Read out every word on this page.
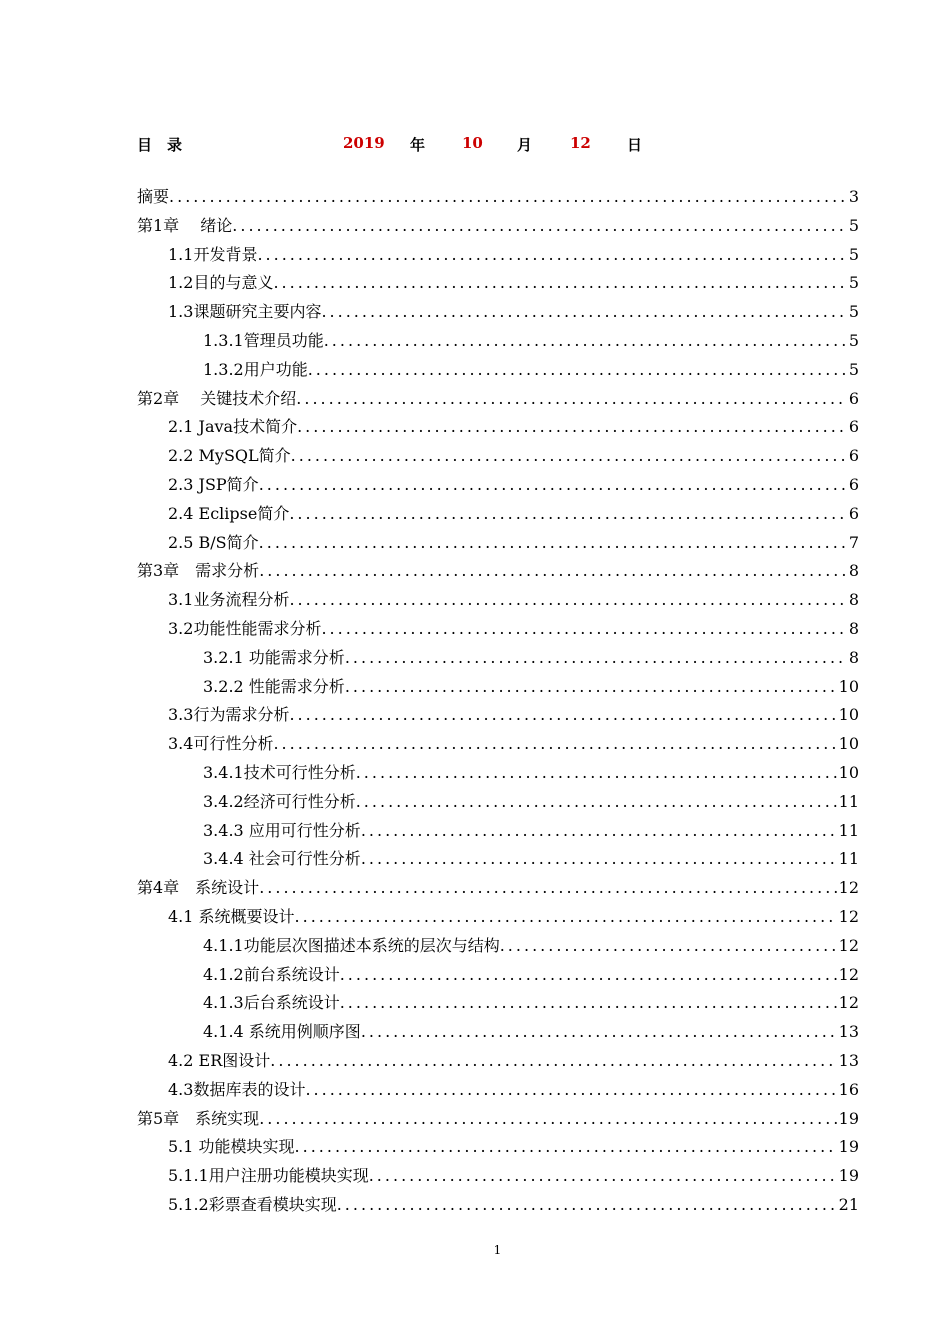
目　录	2019 年 10 月	12 日
摘要 .....	3
第1章　 绪论 .....	5
1.1开发背景 .....	5
1.2目的与意义 .....	5
1.3课题研究主要内容 .....	5
1.3.1管理员功能 .....	5
1.3.2用户功能 .....	5
第2章　 关键技术介绍 .....	6
2.1 Java技术简介 .....	6
2.2 MySQL简介 .....	6
2.3 JSP简介 .....	6
2.4 Eclipse简介 .....	6
2.5 B/S简介 .....	7
第3章　需求分析 .....	8
3.1业务流程分析 .....	8
3.2功能性能需求分析 .....	8
3.2.1 功能需求分析 .....	8
3.2.2 性能需求分析 .....	10
3.3行为需求分析 .....	10
3.4可行性分析 .....	10
3.4.1技术可行性分析 .....	10
3.4.2经济可行性分析 .....	11
3.4.3 应用可行性分析 .....	11
3.4.4 社会可行性分析 .....	11
第4章　系统设计 .....	12
4.1 系统概要设计 .....	12
4.1.1功能层次图描述本系统的层次与结构 .....	12
4.1.2前台系统设计 .....	12
4.1.3后台系统设计 .....	12
4.1.4 系统用例顺序图 .....	13
4.2 ER图设计 .....	13
4.3数据库表的设计 .....	16
第5章　系统实现 .....	19
5.1 功能模块实现 .....	19
5.1.1用户注册功能模块实现 .....	19
5.1.2彩票查看模块实现 .....	21
1
